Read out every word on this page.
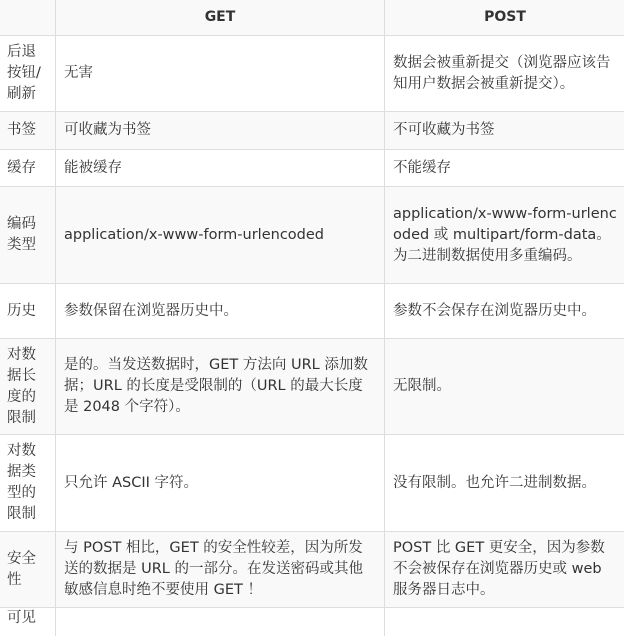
	GET	POST
后退按钮/刷新	无害	数据会被重新提交（浏览器应该告知用户数据会被重新提交）。
书签	可收藏为书签	不可收藏为书签
缓存	能被缓存	不能缓存
编码类型	application/x-www-form-urlencoded	application/x-www-form-urlencoded 或 multipart/form-data。为二进制数据使用多重编码。
历史	参数保留在浏览器历史中。	参数不会保存在浏览器历史中。
对数据长度的限制	是的。当发送数据时，GET 方法向 URL 添加数据；URL 的长度是受限制的（URL 的最大长度是 2048 个字符）。	无限制。
对数据类型的限制	只允许 ASCII 字符。	没有限制。也允许二进制数据。
安全性	与 POST 相比，GET 的安全性较差，因为所发送的数据是 URL 的一部分。在发送密码或其他敏感信息时绝不要使用 GET ！	POST 比 GET 更安全，因为参数不会被保存在浏览器历史或 web 服务器日志中。
可见		
